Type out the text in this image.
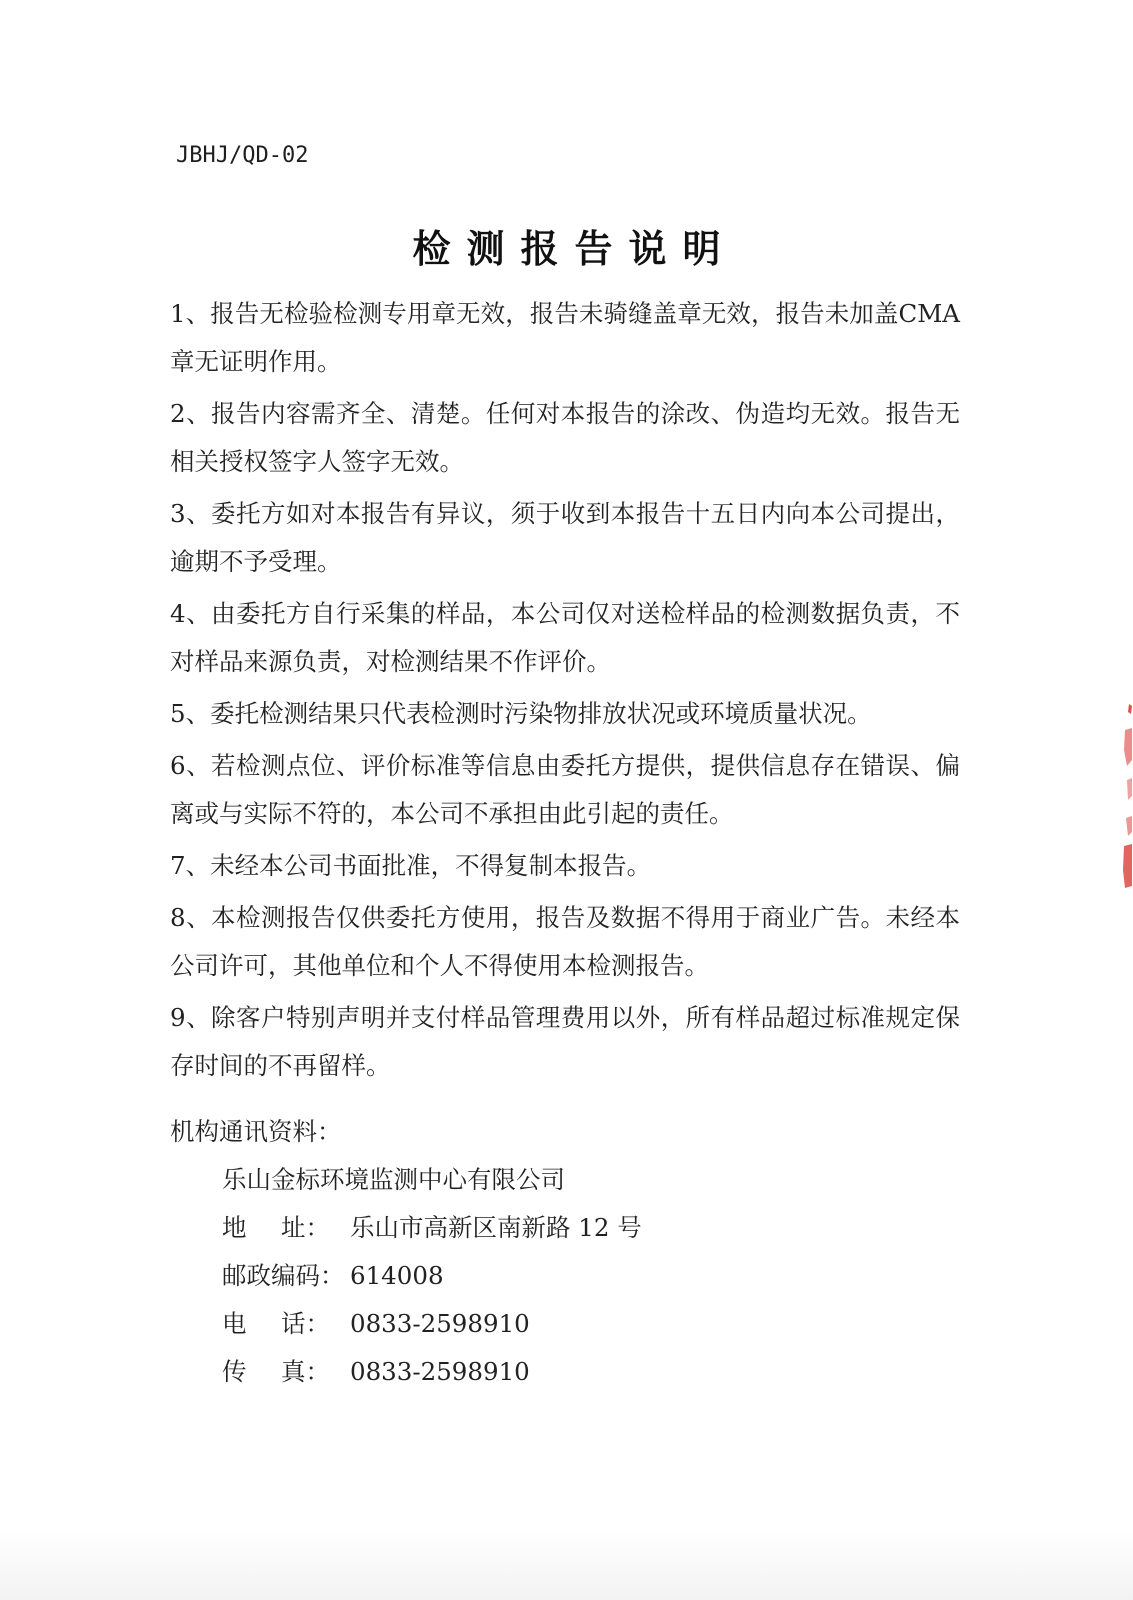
JBHJ/QD-02
检测报告说明

1、报告无检验检测专用章无效，报告未骑缝盖章无效，报告未加盖CMA 章无证明作用。

2、报告内容需齐全、清楚。任何对本报告的涂改、伪造均无效。报告无相关授权签字人签字无效。

3、委托方如对本报告有异议，须于收到本报告十五日内向本公司提出，逾期不予受理。

4、由委托方自行采集的样品，本公司仅对送检样品的检测数据负责，不对样品来源负责，对检测结果不作评价。

5、委托检测结果只代表检测时污染物排放状况或环境质量状况。

6、若检测点位、评价标准等信息由委托方提供，提供信息存在错误、偏离或与实际不符的，本公司不承担由此引起的责任。

7、未经本公司书面批准，不得复制本报告。

8、本检测报告仅供委托方使用，报告及数据不得用于商业广告。未经本公司许可，其他单位和个人不得使用本检测报告。

9、除客户特别声明并支付样品管理费用以外，所有样品超过标准规定保存时间的不再留样。

机构通讯资料：
乐山金标环境监测中心有限公司
地 址： 乐山市高新区南新路 12 号
邮政编码： 614008
电 话： 0833-2598910
传 真： 0833-2598910
